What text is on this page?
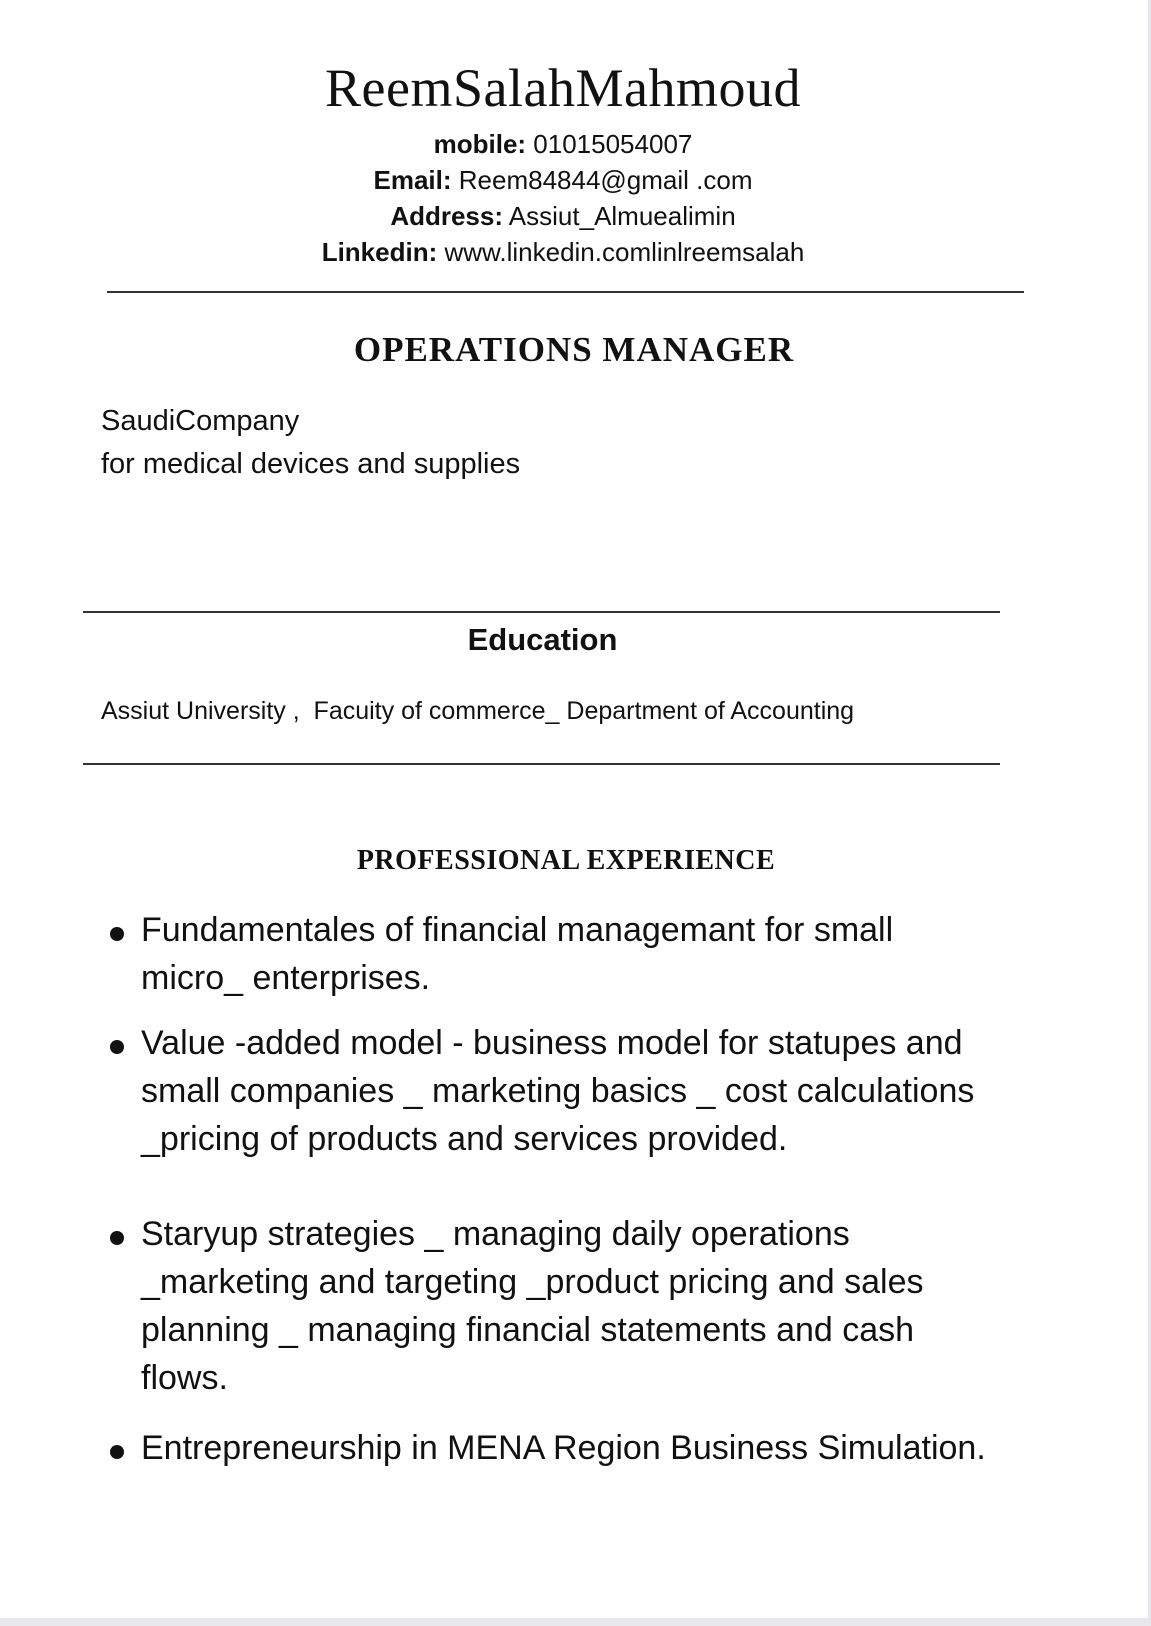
ReemSalahMahmoud
mobile: 01015054007
Email: Reem84844@gmail .com
Address: Assiut_Almuealimin
Linkedin: www.linkedin.comlinlreemsalah
OPERATIONS MANAGER
SaudiCompany
for medical devices and supplies
Education
Assiut University ,  Facuity of commerce_ Department of Accounting
PROFESSIONAL EXPERIENCE
Fundamentales of financial managemant for small
micro_ enterprises.
Value -added model - business model for statupes and
small companies _ marketing basics _ cost calculations
_pricing of products and services provided.
Staryup strategies _ managing daily operations
_marketing and targeting _product pricing and sales
planning _ managing financial statements and cash
flows.
Entrepreneurship in MENA Region Business Simulation.
